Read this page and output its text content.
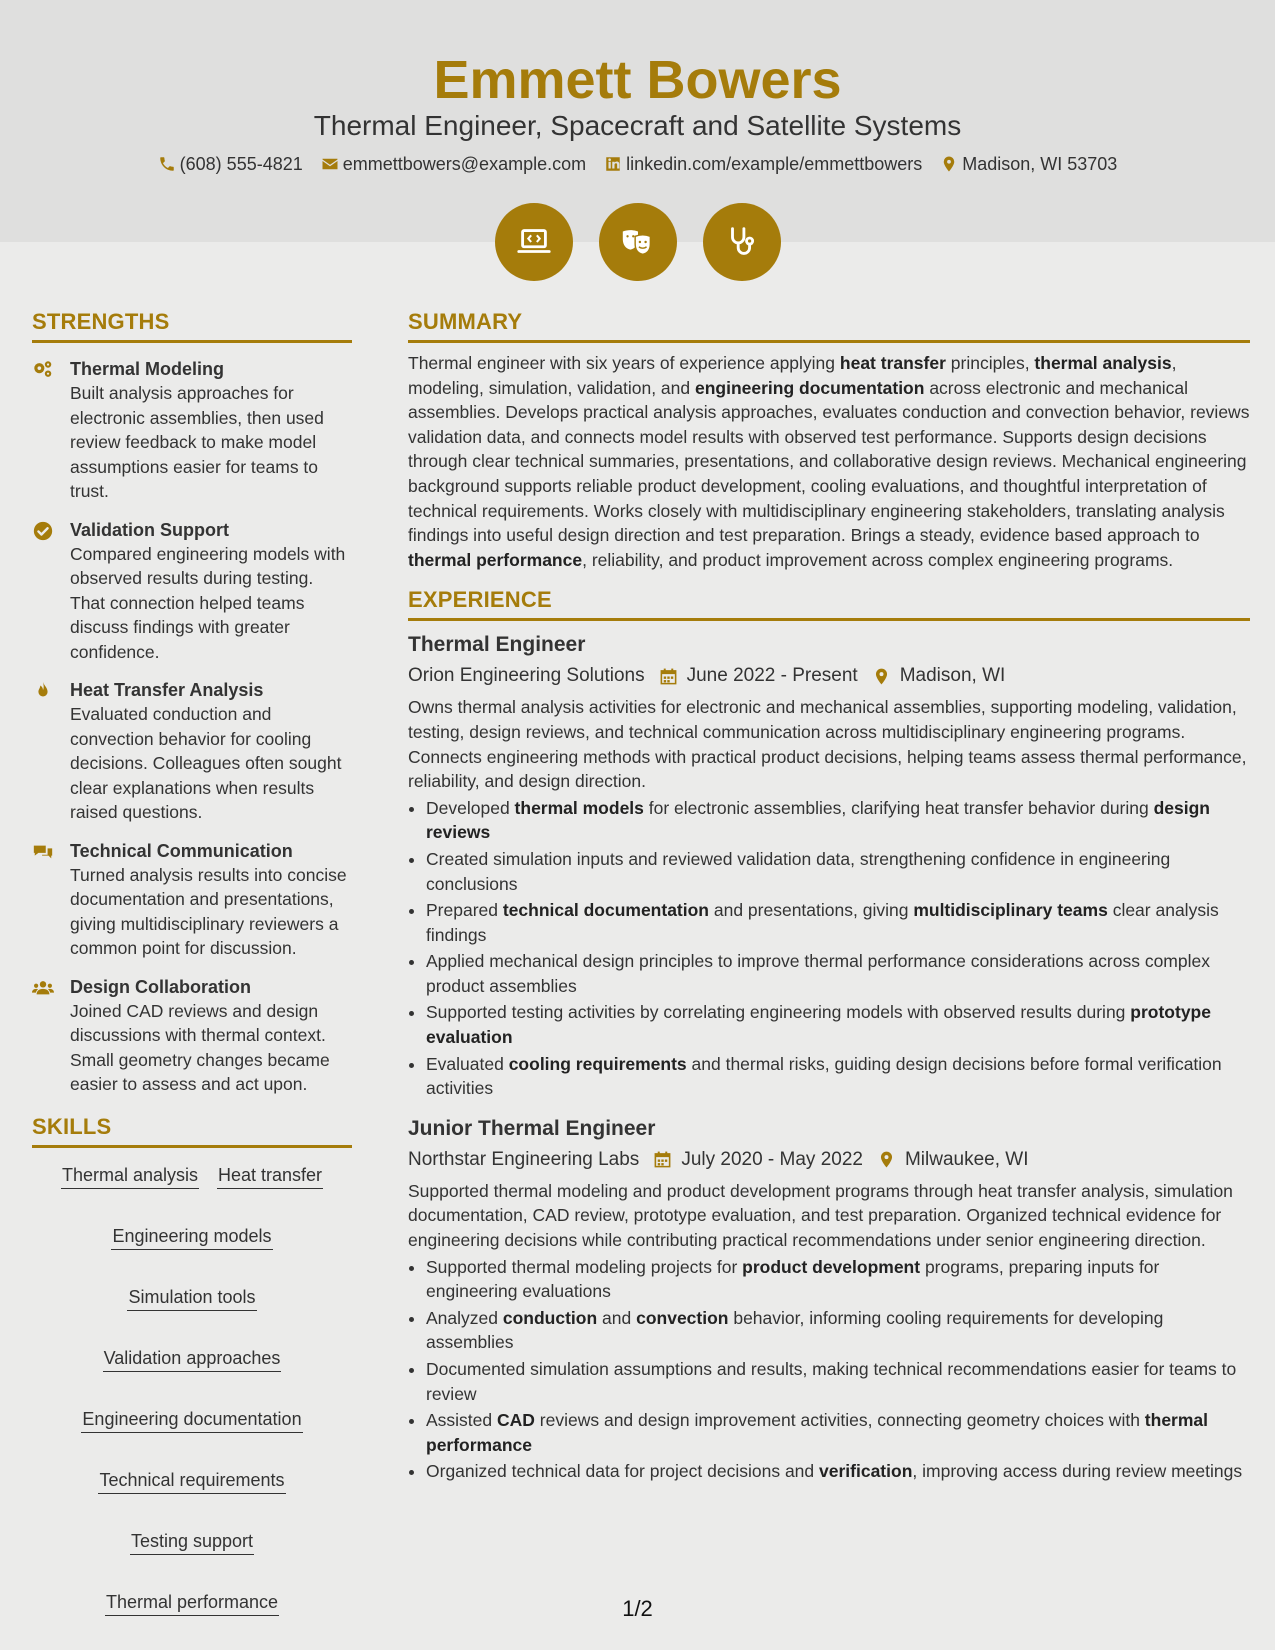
Emmett Bowers
Thermal Engineer, Spacecraft and Satellite Systems
(608) 555-4821 emmettbowers@example.com linkedin.com/example/emmettbowers Madison, WI 53703
STRENGTHS
Thermal Modeling
Built analysis approaches for electronic assemblies, then used review feedback to make model assumptions easier for teams to trust.
Validation Support
Compared engineering models with observed results during testing. That connection helped teams discuss findings with greater confidence.
Heat Transfer Analysis
Evaluated conduction and convection behavior for cooling decisions. Colleagues often sought clear explanations when results raised questions.
Technical Communication
Turned analysis results into concise documentation and presentations, giving multidisciplinary reviewers a common point for discussion.
Design Collaboration
Joined CAD reviews and design discussions with thermal context. Small geometry changes became easier to assess and act upon.
SKILLS
Thermal analysis Heat transfer
Engineering models
Simulation tools
Validation approaches
Engineering documentation
Technical requirements
Testing support
Thermal performance
SUMMARY

Thermal engineer with six years of experience applying heat transfer principles, thermal analysis, modeling, simulation, validation, and engineering documentation across electronic and mechanical assemblies. Develops practical analysis approaches, evaluates conduction and convection behavior, reviews validation data, and connects model results with observed test performance. Supports design decisions through clear technical summaries, presentations, and collaborative design reviews. Mechanical engineering background supports reliable product development, cooling evaluations, and thoughtful interpretation of technical requirements. Works closely with multidisciplinary engineering stakeholders, translating analysis findings into useful design direction and test preparation. Brings a steady, evidence based approach to thermal performance, reliability, and product improvement across complex engineering programs.

EXPERIENCE
Thermal Engineer
Orion Engineering Solutions June 2022 - Present Madison, WI

Owns thermal analysis activities for electronic and mechanical assemblies, supporting modeling, validation, testing, design reviews, and technical communication across multidisciplinary engineering programs. Connects engineering methods with practical product decisions, helping teams assess thermal performance, reliability, and design direction.

• Developed thermal models for electronic assemblies, clarifying heat transfer behavior during design reviews
• Created simulation inputs and reviewed validation data, strengthening confidence in engineering conclusions
• Prepared technical documentation and presentations, giving multidisciplinary teams clear analysis findings
• Applied mechanical design principles to improve thermal performance considerations across complex product assemblies
• Supported testing activities by correlating engineering models with observed results during prototype evaluation
• Evaluated cooling requirements and thermal risks, guiding design decisions before formal verification activities
Junior Thermal Engineer
Northstar Engineering Labs July 2020 - May 2022 Milwaukee, WI

Supported thermal modeling and product development programs through heat transfer analysis, simulation documentation, CAD review, prototype evaluation, and test preparation. Organized technical evidence for engineering decisions while contributing practical recommendations under senior engineering direction.

• Supported thermal modeling projects for product development programs, preparing inputs for engineering evaluations
• Analyzed conduction and convection behavior, informing cooling requirements for developing assemblies
• Documented simulation assumptions and results, making technical recommendations easier for teams to review
• Assisted CAD reviews and design improvement activities, connecting geometry choices with thermal performance
• Organized technical data for project decisions and verification, improving access during review meetings
1/2
